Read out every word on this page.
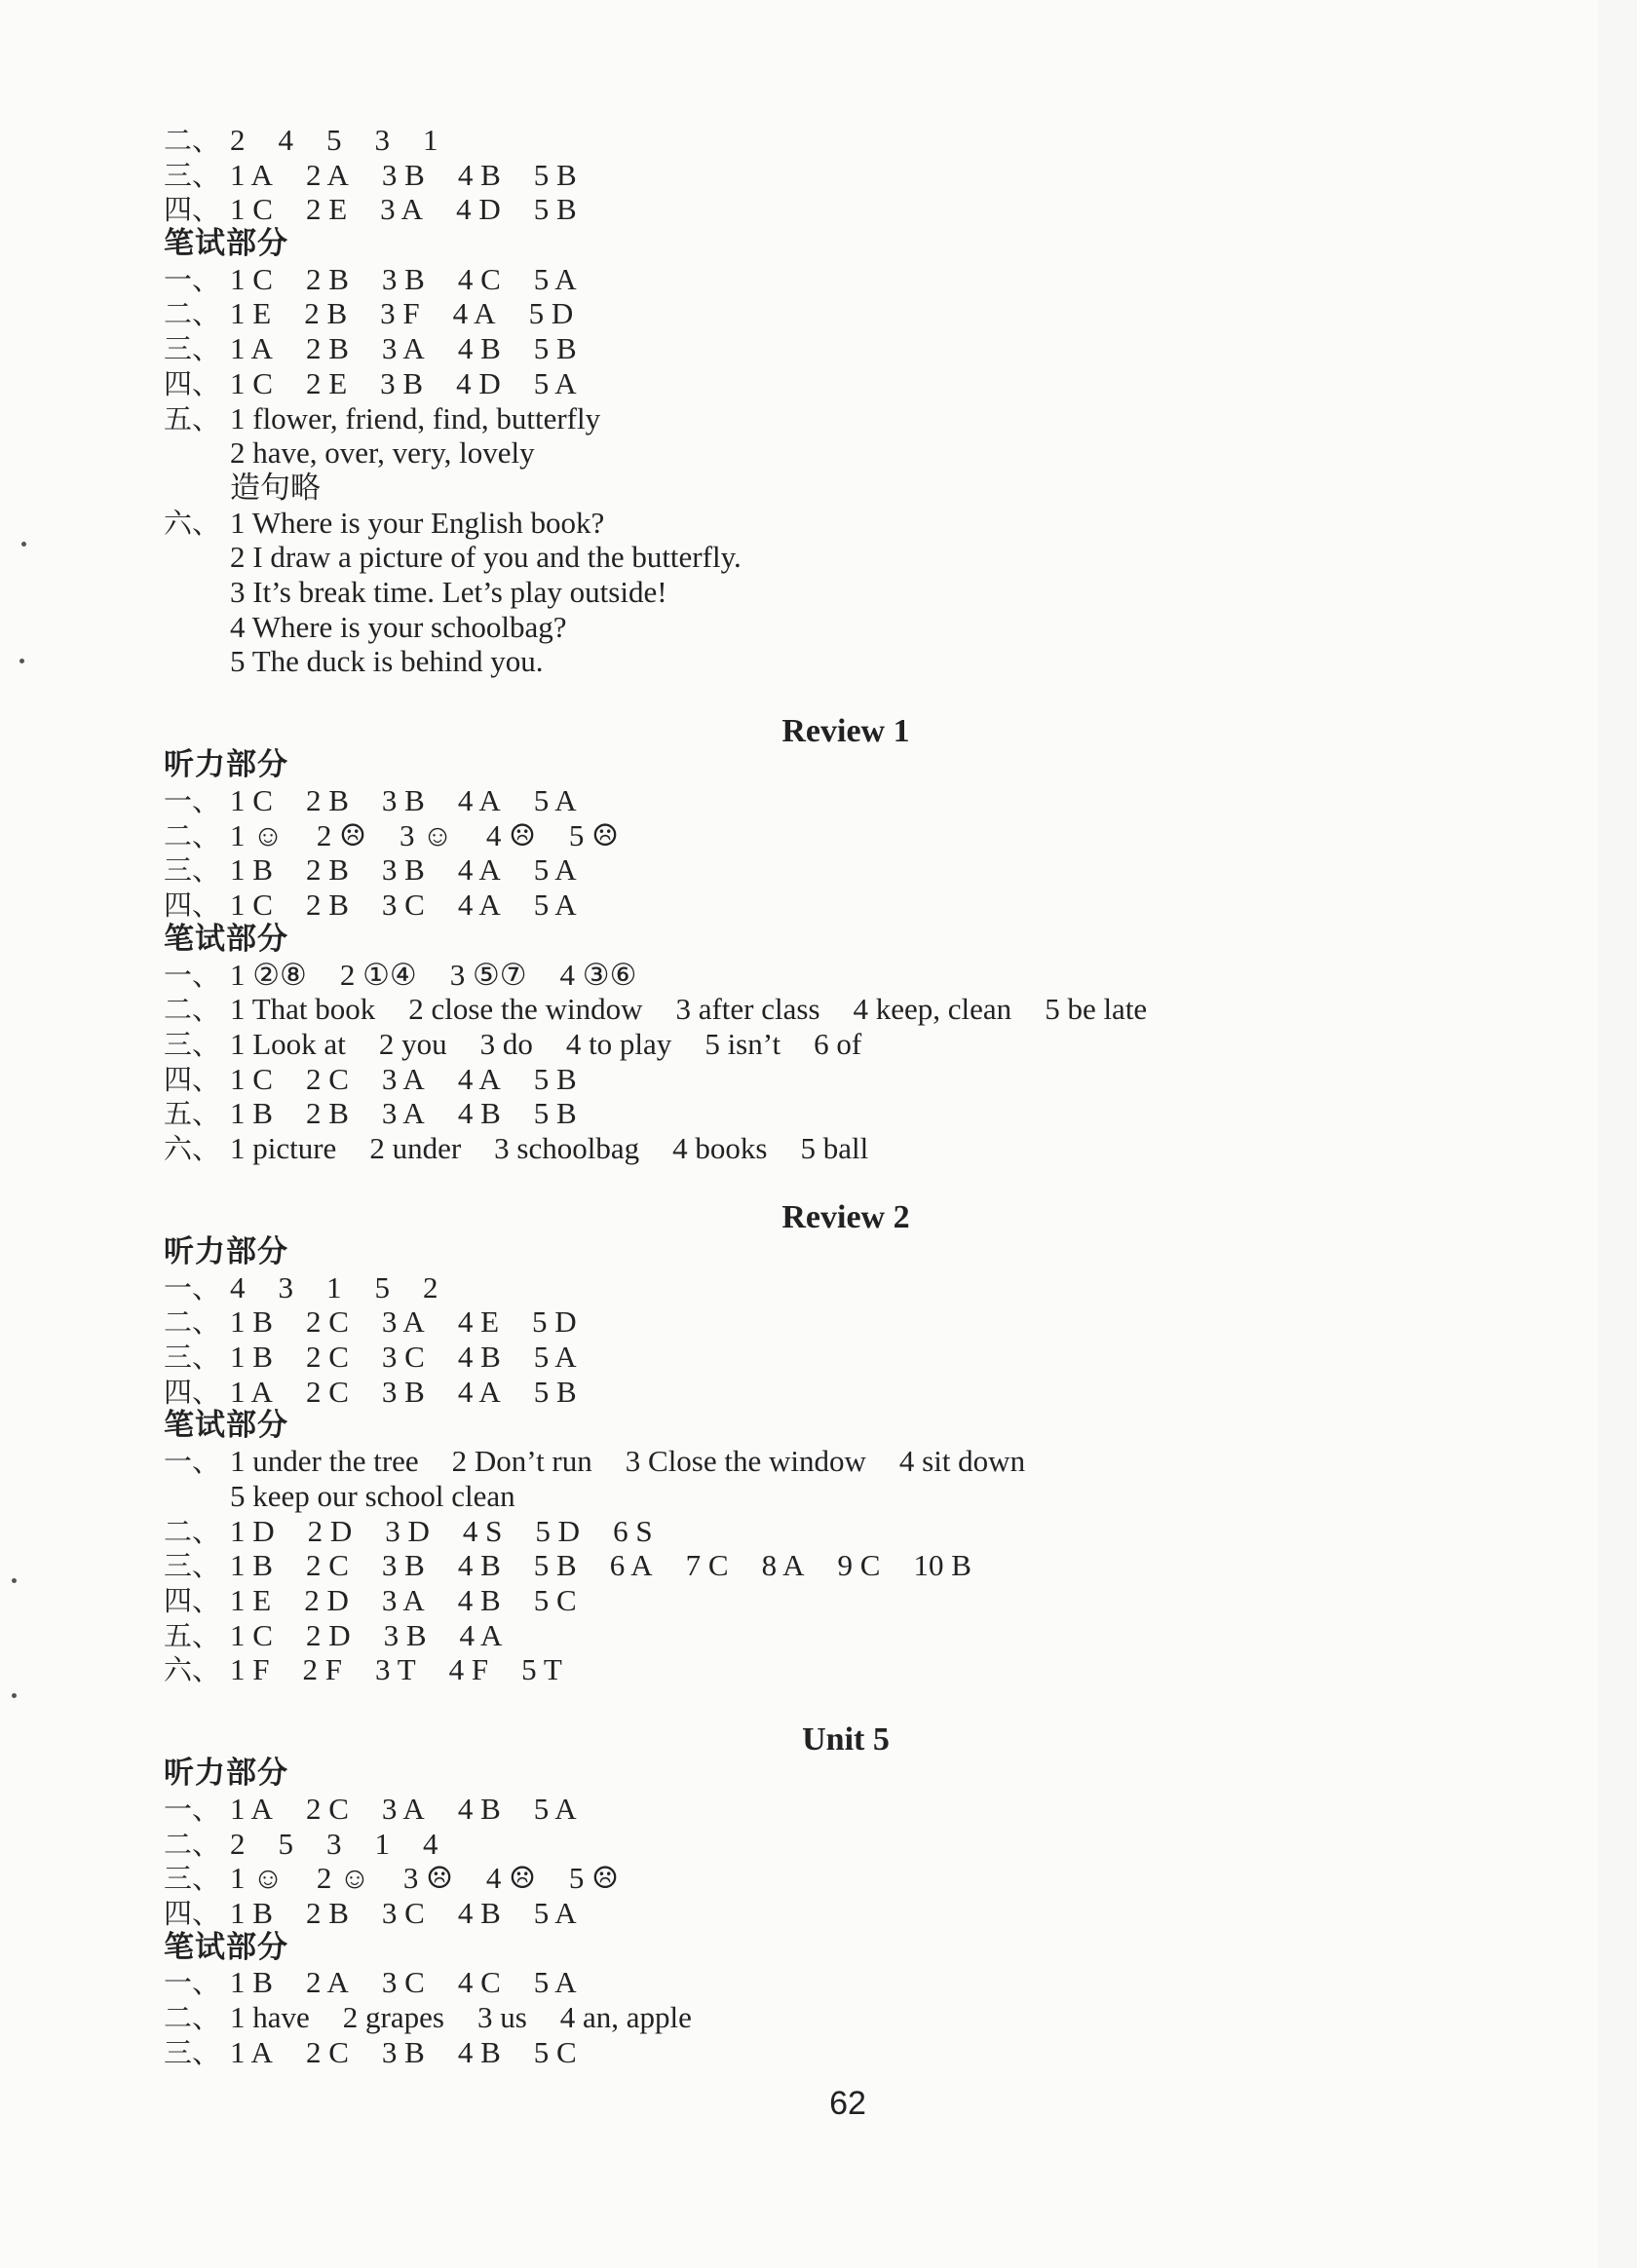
二、 2 4 5 3 1
三、 1 A 2 A 3 B 4 B 5 B
四、 1 C 2 E 3 A 4 D 5 B
笔试部分
一、 1 C 2 B 3 B 4 C 5 A
二、 1 E 2 B 3 F 4 A 5 D
三、 1 A 2 B 3 A 4 B 5 B
四、 1 C 2 E 3 B 4 D 5 A
五、 1 flower, friend, find, butterfly
2 have, over, very, lovely
造句略
六、 1 Where is your English book?
2 I draw a picture of you and the butterfly.
3 It’s break time. Let’s play outside!
4 Where is your schoolbag?
5 The duck is behind you.
Review 1
听力部分
一、 1 C 2 B 3 B 4 A 5 A
二、 1 ☺ 2 ☹ 3 ☺ 4 ☹ 5 ☹
三、 1 B 2 B 3 B 4 A 5 A
四、 1 C 2 B 3 C 4 A 5 A
笔试部分
一、 1 ②⑧ 2 ①④ 3 ⑤⑦ 4 ③⑥
二、 1 That book 2 close the window 3 after class 4 keep, clean 5 be late
三、 1 Look at 2 you 3 do 4 to play 5 isn’t 6 of
四、 1 C 2 C 3 A 4 A 5 B
五、 1 B 2 B 3 A 4 B 5 B
六、 1 picture 2 under 3 schoolbag 4 books 5 ball
Review 2
听力部分
一、 4 3 1 5 2
二、 1 B 2 C 3 A 4 E 5 D
三、 1 B 2 C 3 C 4 B 5 A
四、 1 A 2 C 3 B 4 A 5 B
笔试部分
一、 1 under the tree 2 Don’t run 3 Close the window 4 sit down
5 keep our school clean
二、 1 D 2 D 3 D 4 S 5 D 6 S
三、 1 B 2 C 3 B 4 B 5 B 6 A 7 C 8 A 9 C 10 B
四、 1 E 2 D 3 A 4 B 5 C
五、 1 C 2 D 3 B 4 A
六、 1 F 2 F 3 T 4 F 5 T
Unit 5
听力部分
一、 1 A 2 C 3 A 4 B 5 A
二、 2 5 3 1 4
三、 1 ☺ 2 ☺ 3 ☹ 4 ☹ 5 ☹
四、 1 B 2 B 3 C 4 B 5 A
笔试部分
一、 1 B 2 A 3 C 4 C 5 A
二、 1 have 2 grapes 3 us 4 an, apple
三、 1 A 2 C 3 B 4 B 5 C
62
